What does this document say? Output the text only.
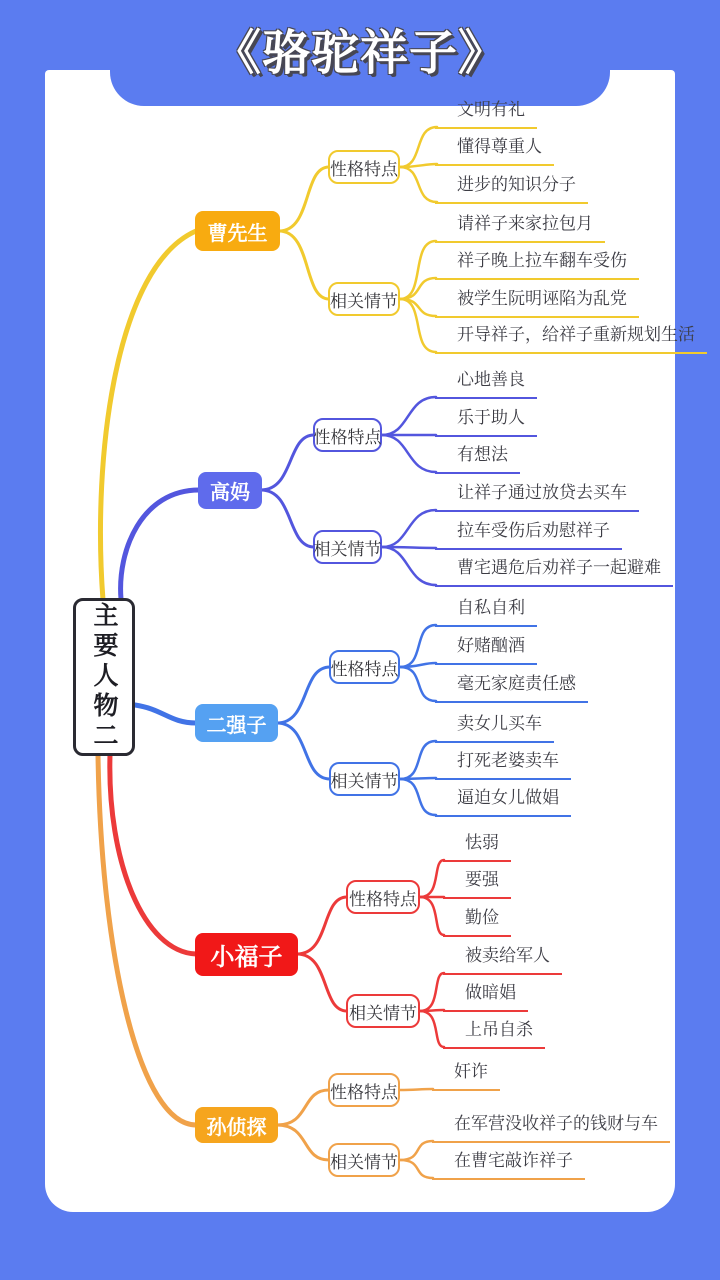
《骆驼祥子》
主要人物二
曹先生
高妈
二强子
小福子
孙侦探
性格特点
相关情节
性格特点
相关情节
性格特点
相关情节
性格特点
相关情节
性格特点
相关情节
文明有礼
懂得尊重人
进步的知识分子
请祥子来家拉包月
祥子晚上拉车翻车受伤
被学生阮明诬陷为乱党
开导祥子，给祥子重新规划生活
心地善良
乐于助人
有想法
让祥子通过放贷去买车
拉车受伤后劝慰祥子
曹宅遇危后劝祥子一起避难
自私自利
好赌酗酒
毫无家庭责任感
卖女儿买车
打死老婆卖车
逼迫女儿做娼
怯弱
要强
勤俭
被卖给军人
做暗娼
上吊自杀
奸诈
在军营没收祥子的钱财与车
在曹宅敲诈祥子
